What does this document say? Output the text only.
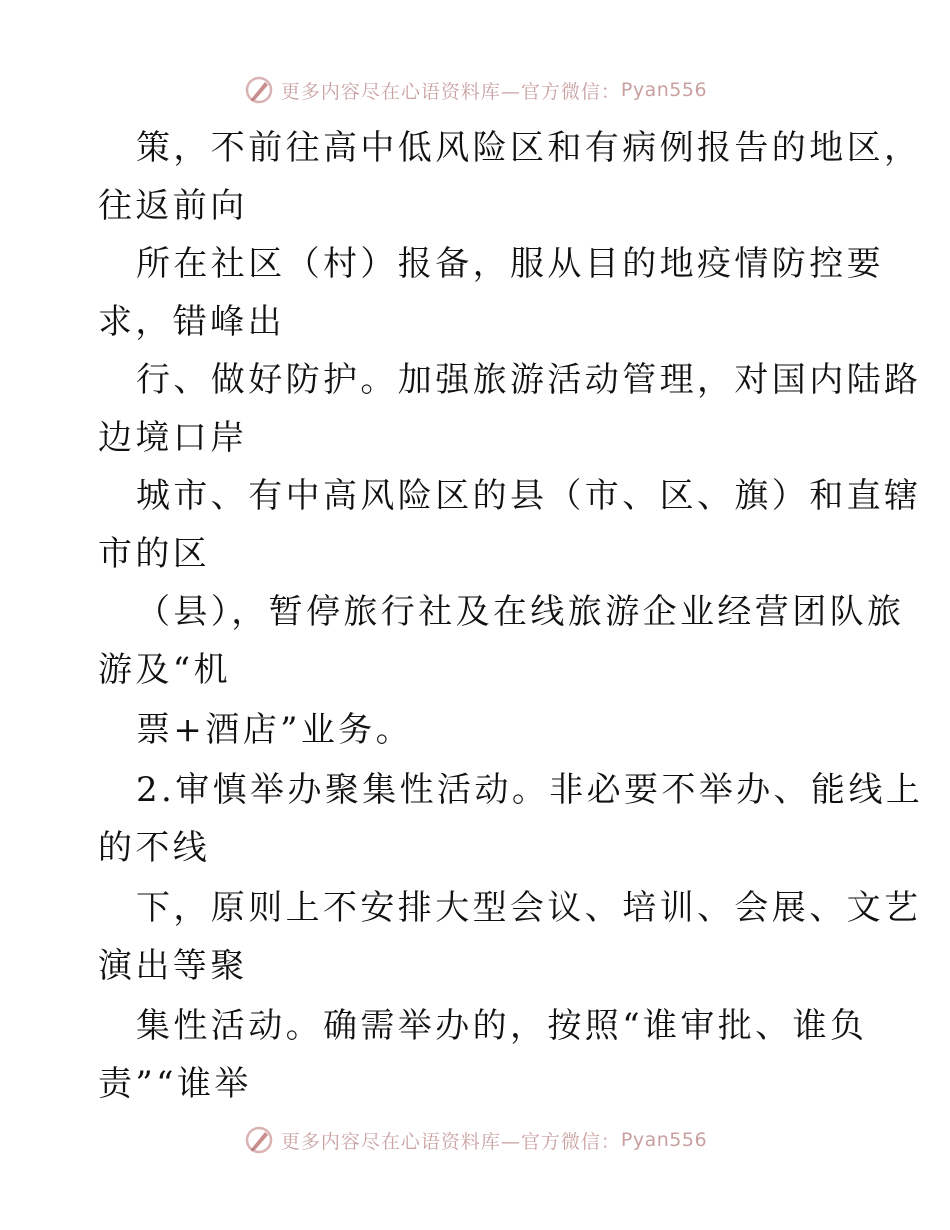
更多内容尽在心语资料库—官方微信： Pyan556
策，不前往高中低风险区和有病例报告的地区，
往返前向
所在社区（村）报备，服从目的地疫情防控要
求，错峰出
行、做好防护。加强旅游活动管理，对国内陆路
边境口岸
城市、有中高风险区的县（市、区、旗）和直辖
市的区
（县），暂停旅行社及在线旅游企业经营团队旅
游及“机
票+酒店”业务。
2.审慎举办聚集性活动。非必要不举办、能线上
的不线
下，原则上不安排大型会议、培训、会展、文艺
演出等聚
集性活动。确需举办的，按照“谁审批、谁负
责”“谁举
更多内容尽在心语资料库—官方微信： Pyan556
